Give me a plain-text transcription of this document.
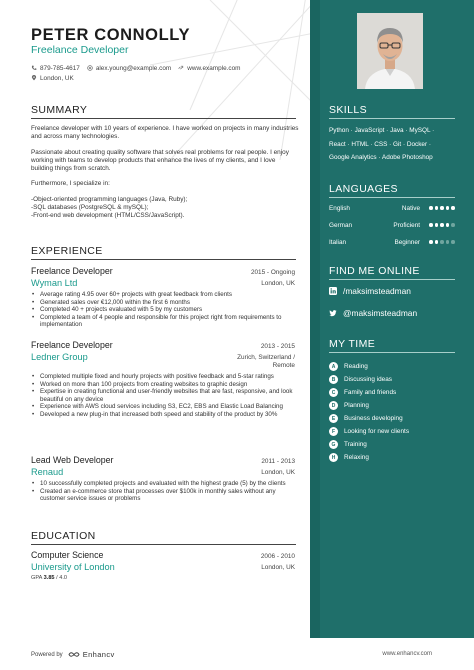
PETER CONNOLLY
Freelance Developer
879-785-4617	alex.young@example.com	www.example.com
London, UK
SUMMARY

Freelance developer with 10 years of experience. I have worked on projects in many industries and across many technologies.

Passionate about creating quality software that solves real problems for real people. I enjoy working with teams to develop products that enhance the lives of my clients, and I love building things from scratch.

Furthermore, I specialize in:

-Object-oriented programming languages (Java, Ruby);
-SQL databases (PostgreSQL & mySQL);
-Front-end web development (HTML/CSS/JavaScript).

EXPERIENCE
Freelance Developer	2015 - Ongoing
Wyman Ltd	London, UK
• Average rating 4.95 over 60+ projects with great feedback from clients
• Generated sales over €12,000 within the first 6 months
• Completed 40 + projects evaluated with 5 by my customers
• Completed a team of 4 people and responsible for this project right from requirements to implementation
Freelance Developer	2013 - 2015
Ledner Group	Zurich, Switzerland / Remote
• Completed multiple fixed and hourly projects with positive feedback and 5-star ratings
• Worked on more than 100 projects from creating websites to graphic design
• Expertise in creating functional and user-friendly websites that are fast, responsive, and look beautiful on any device
• Experience with AWS cloud services including S3, EC2, EBS and Elastic Load Balancing
• Developed a new plug-in that increased both speed and stability of the product by 30%
Lead Web Developer	2011 - 2013
Renaud	London, UK
• 10 successfully completed projects and evaluated with the highest grade (5) by the clients
• Created an e-commerce store that processes over $100k in monthly sales without any customer service issues or problems
EDUCATION
Computer Science	2006 - 2010
University of London	London, UK
GPA 3.85 / 4.0
SKILLS
Python · JavaScript · Java · MySQL ·
React · HTML · CSS · Git · Docker ·
Google Analytics · Adobe Photoshop
LANGUAGES
English	Native
German	Proficient
Italian	Beginner
FIND ME ONLINE
/maksimsteadman
@maksimsteadman
MY TIME
A	Reading
B	Discussing ideas
C	Family and friends
D	Planning
E	Business developing
F	Looking for new clients
G	Training
H	Relaxing
Powered by	Enhancv	www.enhancv.com
